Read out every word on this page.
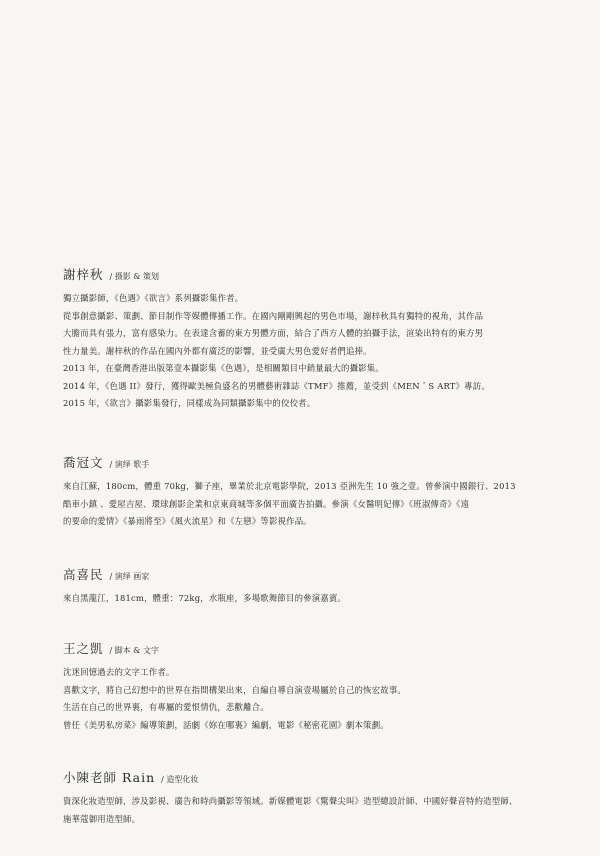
謝梓秋 / 摄影 & 策划
獨立攝影師，《色遇》《欲言》系列攝影集作者。
從事創意攝影、策劃、節目制作等媒體傳播工作。在國內剛剛興起的男色市場，謝梓秋具有獨特的視角，其作品
大膽而具有張力，富有感染力。在表達含蓄的東方男體方面，結合了西方人體的拍攝手法，渲染出特有的東方男
性力量美。謝梓秋的作品在國內外都有廣泛的影響，並受廣大男色愛好者們追捧。
2013 年，在臺灣香港出版第壹本攝影集《色遇》，是相關類目中銷量最大的攝影集。
2014 年，《色遇 II》發行，獲得歐美極負盛名的男體藝術雜誌《TMF》推薦，並受到《MEN＇S ART》專訪。
2015 年，《欲言》攝影集發行，同樣成為同類攝影集中的佼佼者。
喬冠文 / 演绎 歌手
來自江蘇，180cm，體重 70kg，獅子座，畢業於北京電影學院，2013 亞洲先生 10 強之壹。曾參演中國銀行、2013
酷車小鎮 、愛屋吉屋、環球創影企業和京東商城等多個平面廣告拍攝。參演《女醫明妃傳》《班淑傳奇》《遠
的要命的愛情》《暴雨將至》《風火流星》和《左戀》等影視作品。
高喜民 / 演绎 画家
來自黑龍江，181cm，體重：72kg，水瓶座，多場歌舞節目的參演嘉賓。
王之凱 / 脚本 & 文字
沈迷回憶過去的文字工作者。
喜歡文字，將自己幻想中的世界在指間構架出來，自編自導自演壹場屬於自己的恢宏故事。
生活在自己的世界裏，有專屬的愛恨情仇，悲歡離合。
曾任《美男私房菜》編導策劃，話劇《妳在哪裏》編劇，電影《秘密花園》劇本策劃。
小陳老師 Rain / 造型化妆
資深化妝造型師，涉及影視、廣告和時尚攝影等領域。新媒體電影《驚聲尖叫》造型總設計師、中國好聲音特約造型師、
施華蔻御用造型師。
